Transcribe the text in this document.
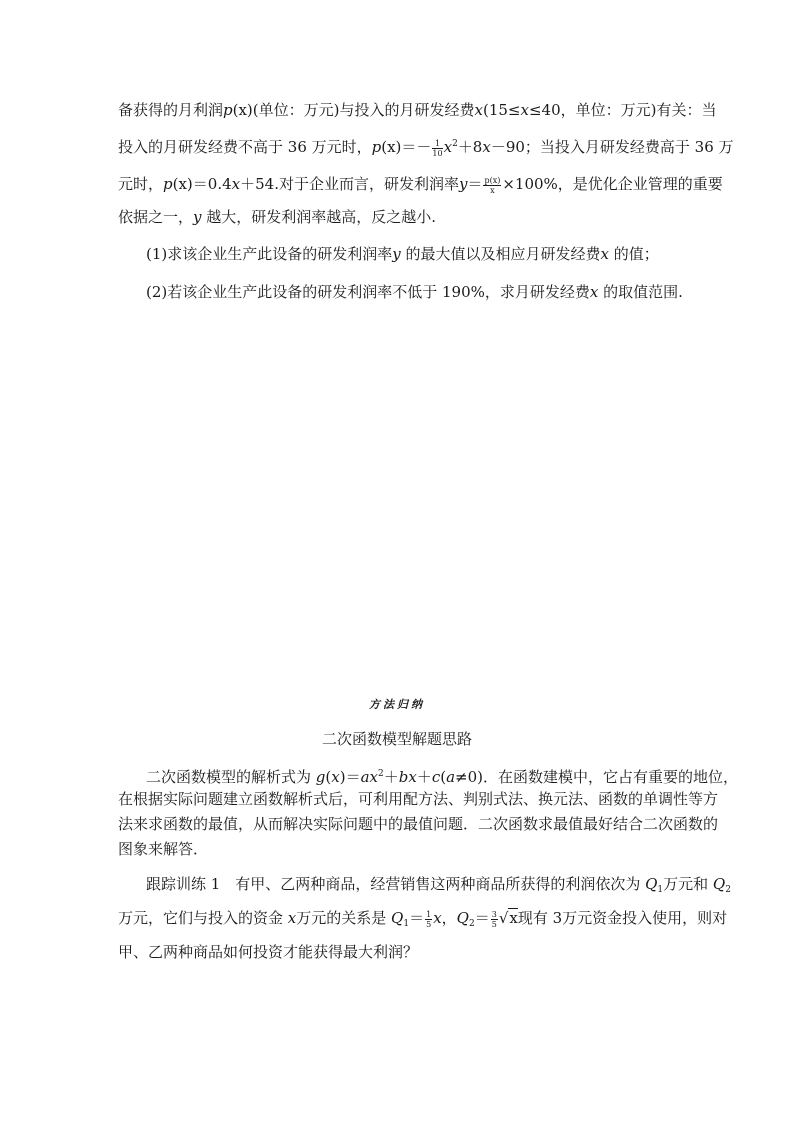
备获得的月利润p(x)(单位：万元)与投入的月研发经费x(15≤x≤40，单位：万元)有关：当
投入的月研发经费不高于 36 万元时，$p(x)=- \frac{1}{10} x^2+8x-90$；当投入月研发经费高于 36 万
元时，p(x)＝0.4x＋54.对于企业而言，研发利润率$y= \frac{p(x)}{x} \times 100\%$，是优化企业管理的重要
依据之一，y 越大，研发利润率越高，反之越小.
(1)求该企业生产此设备的研发利润率y 的最大值以及相应月研发经费x 的值；
(2)若该企业生产此设备的研发利润率不低于 190%，求月研发经费x 的取值范围.
方法归纳
二次函数模型解题思路
二次函数模型的解析式为 $g(x)=ax^2+bx+c(a\ne 0)$．在函数建模中，它占有重要的地位，
在根据实际问题建立函数解析式后，可利用配方法、判别式法、换元法、函数的单调性等方
法来求函数的最值，从而解决实际问题中的最值问题．二次函数求最值最好结合二次函数的
图象来解答．
跟踪训练 1　有甲、乙两种商品，经营销售这两种商品所获得的利润依次为 $Q_1$万元和 $Q_2$
万元，它们与投入的资金 x万元的关系是 $Q_1= \frac{1}{5}$ x，$Q_2= \frac{3}{5} √x$现有 3万元资金投入使用，则对
甲、乙两种商品如何投资才能获得最大利润？
